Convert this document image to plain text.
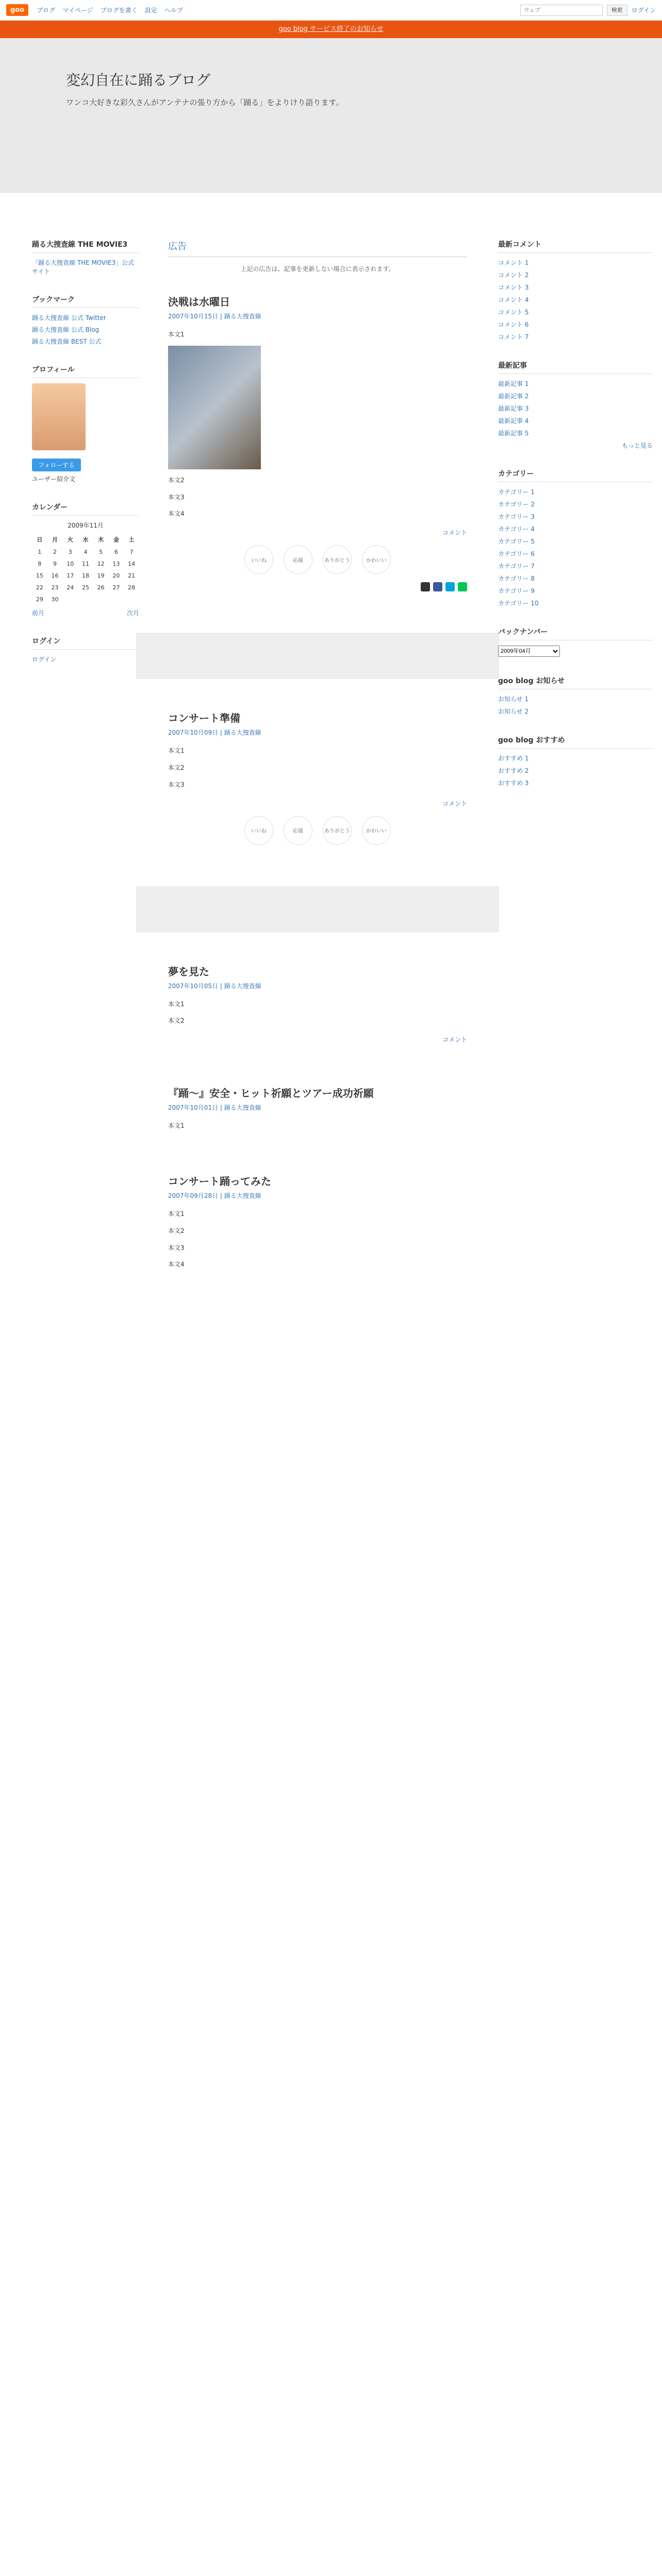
goo	ブログ マイページ ブログを書く 設定 ヘルプ
ウェブ	検索	ログイン
goo blog サービス終了のお知らせ
変幻自在に踊るブログ

ワンコ大好きな彩久さんがアンテナの張り方から「踊る」をよりけり語ります。

踊る大捜査線 THE MOVIE3
「踊る大捜査線 THE MOVIE3」公式サイト
ブックマーク
踊る大捜査線 公式 Twitter
踊る大捜査線 公式 Blog
踊る大捜査線 BEST 公式
プロフィール
フォローする

ユーザー紹介文

カレンダー
2009年11月
日	月	火	水	木	金	土
1	2	3	4	5	6	7
8	9	10	11	12	13	14
15	16	17	18	19	20	21
22	23	24	25	26	27	28
29	30					
前月	次月
ログイン
ログイン
広告

上記の広告は、記事を更新しない場合に表示されます。

決戦は水曜日
2007年10月15日 | 踊る大捜査線

本文1

本文2

本文3

本文4

コメント
いいね	応援	ありがとう	かわいい
コンサート準備
2007年10月09日 | 踊る大捜査線

本文1

本文2

本文3

コメント
いいね	応援	ありがとう	かわいい
夢を見た
2007年10月05日 | 踊る大捜査線

本文1

本文2

コメント
『踊～』安全・ヒット祈願とツアー成功祈願
2007年10月01日 | 踊る大捜査線

本文1

コンサート踊ってみた
2007年09月28日 | 踊る大捜査線

本文1

本文2

本文3

本文4

最新コメント
コメント 1
コメント 2
コメント 3
コメント 4
コメント 5
コメント 6
コメント 7
最新記事
最新記事 1
最新記事 2
最新記事 3
最新記事 4
最新記事 5
もっと見る
カテゴリー
カテゴリー 1
カテゴリー 2
カテゴリー 3
カテゴリー 4
カテゴリー 5
カテゴリー 6
カテゴリー 7
カテゴリー 8
カテゴリー 9
カテゴリー 10
バックナンバー
2009年04月
goo blog お知らせ
お知らせ 1
お知らせ 2
goo blog おすすめ
おすすめ 1
おすすめ 2
おすすめ 3
